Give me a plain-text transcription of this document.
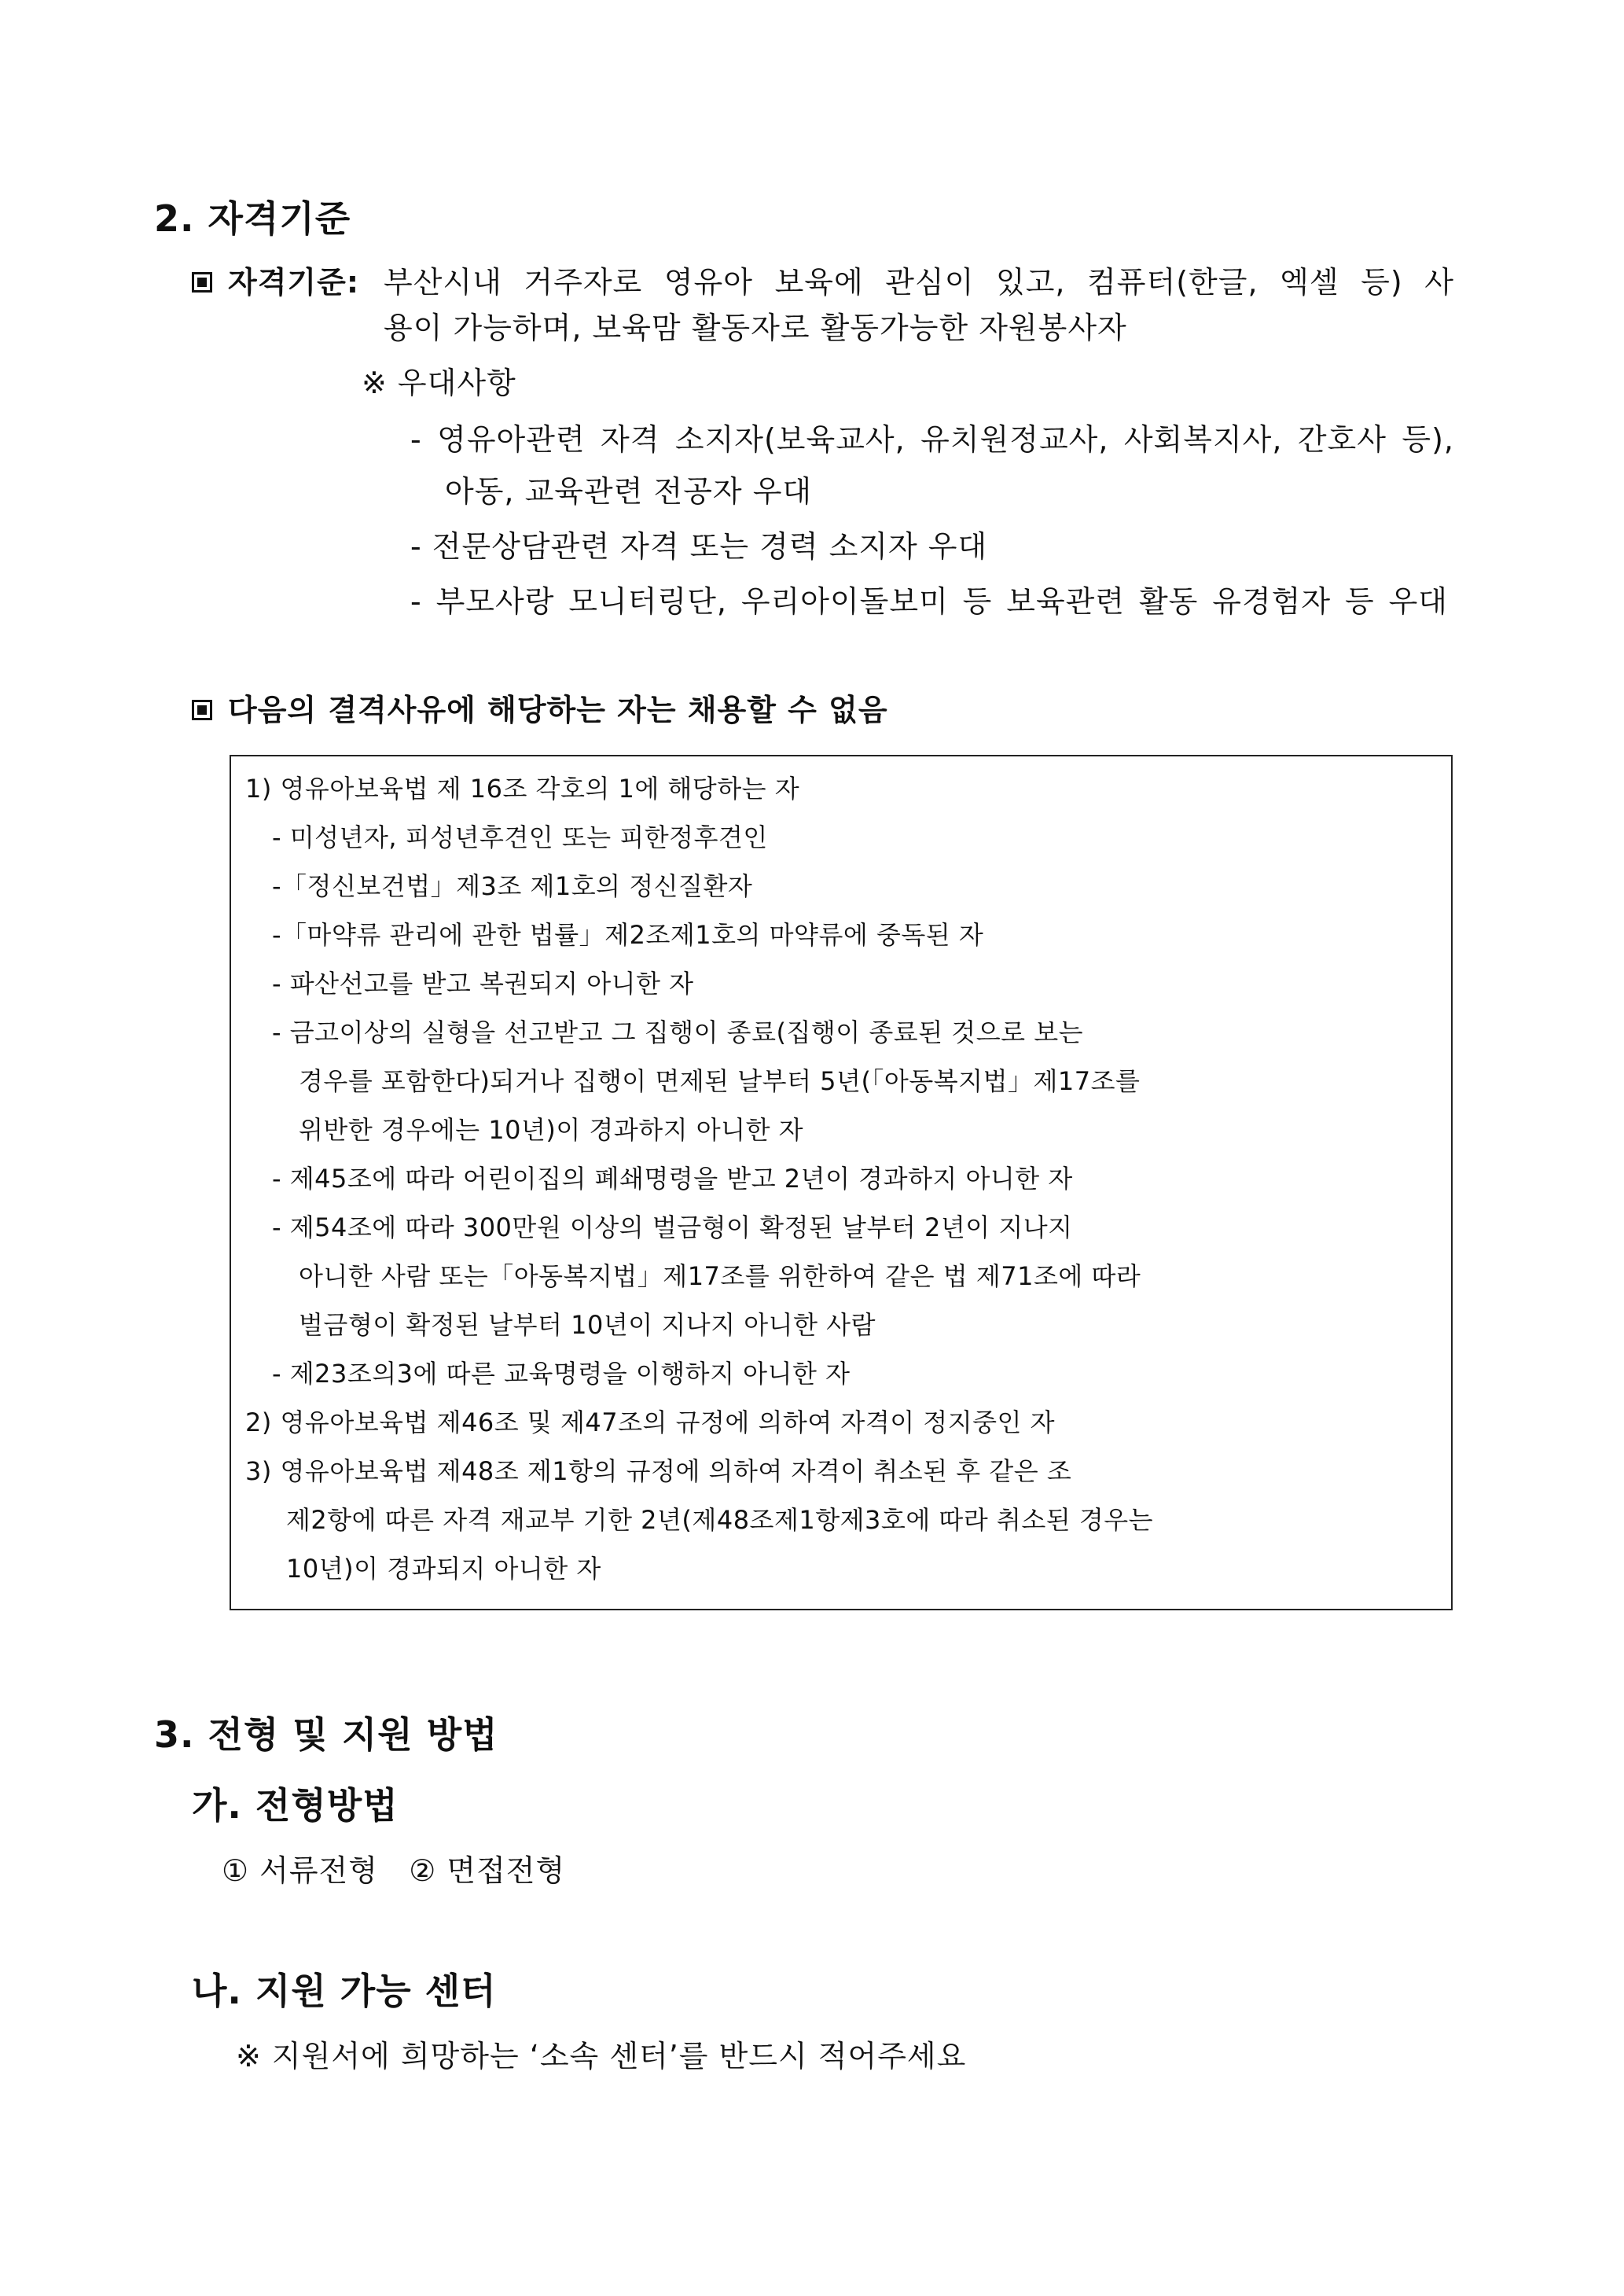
2. 자격기준
자격기준: 부산시내 거주자로 영유아 보육에 관심이 있고, 컴퓨터(한글, 엑셀 등) 사
용이 가능하며, 보육맘 활동자로 활동가능한 자원봉사자
※ 우대사항
- 영유아관련 자격 소지자(보육교사, 유치원정교사, 사회복지사, 간호사 등),
아동, 교육관련 전공자 우대
- 전문상담관련 자격 또는 경력 소지자 우대
- 부모사랑 모니터링단, 우리아이돌보미 등 보육관련 활동 유경험자 등 우대
다음의 결격사유에 해당하는 자는 채용할 수 없음
1) 영유아보육법 제 16조 각호의 1에 해당하는 자
- 미성년자, 피성년후견인 또는 피한정후견인
-「정신보건법」제3조 제1호의 정신질환자
-「마약류 관리에 관한 법률」제2조제1호의 마약류에 중독된 자
- 파산선고를 받고 복권되지 아니한 자
- 금고이상의 실형을 선고받고 그 집행이 종료(집행이 종료된 것으로 보는
경우를 포함한다)되거나 집행이 면제된 날부터 5년(「아동복지법」제17조를
위반한 경우에는 10년)이 경과하지 아니한 자
- 제45조에 따라 어린이집의 폐쇄명령을 받고 2년이 경과하지 아니한 자
- 제54조에 따라 300만원 이상의 벌금형이 확정된 날부터 2년이 지나지
아니한 사람 또는「아동복지법」제17조를 위한하여 같은 법 제71조에 따라
벌금형이 확정된 날부터 10년이 지나지 아니한 사람
- 제23조의3에 따른 교육명령을 이행하지 아니한 자
2) 영유아보육법 제46조 및 제47조의 규정에 의하여 자격이 정지중인 자
3) 영유아보육법 제48조 제1항의 규정에 의하여 자격이 취소된 후 같은 조
제2항에 따른 자격 재교부 기한 2년(제48조제1항제3호에 따라 취소된 경우는
10년)이 경과되지 아니한 자
3. 전형 및 지원 방법
가. 전형방법
① 서류전형   ② 면접전형
나. 지원 가능 센터
※ 지원서에 희망하는 ‘소속 센터’를 반드시 적어주세요
